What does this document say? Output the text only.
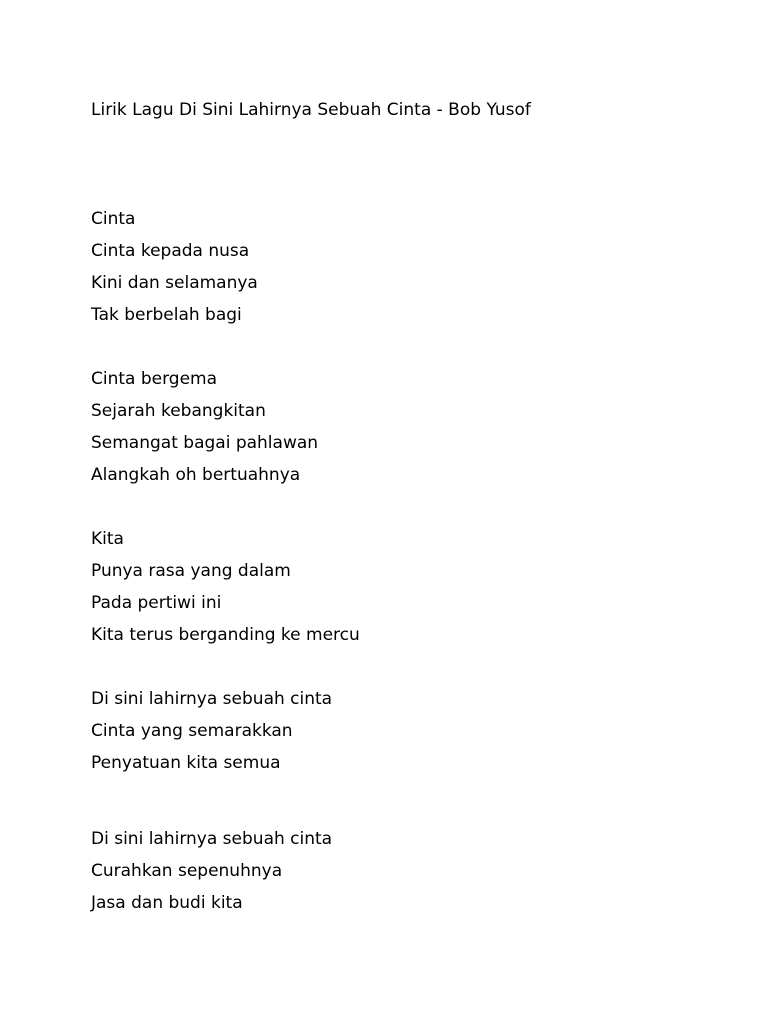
Lirik Lagu Di Sini Lahirnya Sebuah Cinta - Bob Yusof
Cinta
Cinta kepada nusa
Kini dan selamanya
Tak berbelah bagi
Cinta bergema
Sejarah kebangkitan
Semangat bagai pahlawan
Alangkah oh bertuahnya
Kita
Punya rasa yang dalam
Pada pertiwi ini
Kita terus berganding ke mercu
Di sini lahirnya sebuah cinta
Cinta yang semarakkan
Penyatuan kita semua
Di sini lahirnya sebuah cinta
Curahkan sepenuhnya
Jasa dan budi kita
